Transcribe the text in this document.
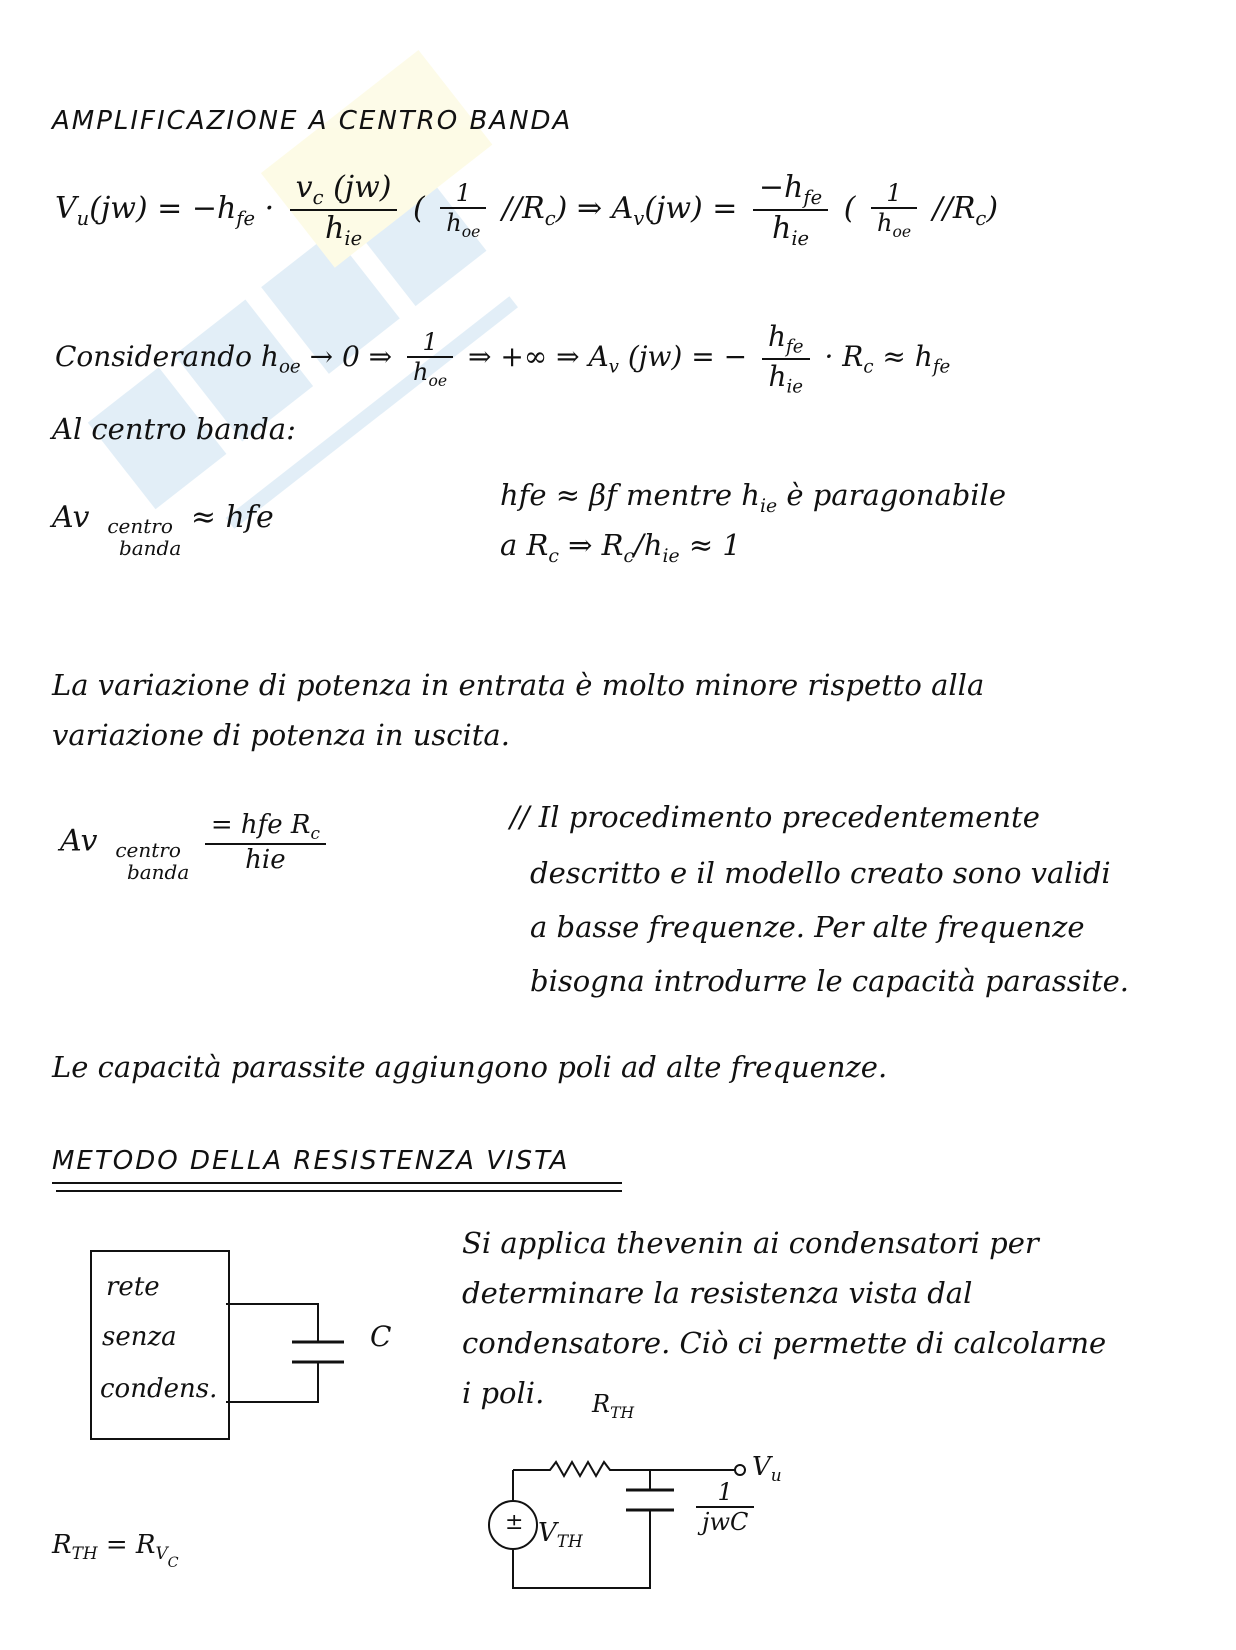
AMPLIFICAZIONE A CENTRO BANDA
$V_u(jw) = -h_{fe} \cdot \frac{v_c (jw)}{h_{ie}}$ ( $\frac{1}{h_{oe}} //R_c$) ⇒ $A_v(jw) = \frac{-h_{fe}}{h_{ie}}$ ( $\frac{1}{h_{oe}} //R_c$)
Considerando $h_{oe} \to 0$ ⇒ $\frac{1}{h_{oe}}$ ⇒ +∞ ⇒ $A_v$ (jw) = − $\frac{h_{fe}}{h_{ie}} \cdot R_c \approx h_{fe}$
Al centro banda:
Av centro
banda
≈ hfe
hfe ≈ βf mentre $h_{ie}$ è paragonabile
a $R_c$ ⇒ $R_c/h_{ie} \approx 1$
La variazione di potenza in entrata è molto minore rispetto alla
variazione di potenza in uscita.
Av centro
banda
$\frac{= hfe R_c}{\text{hie}}$	// Il procedimento precedentemente
descritto e il modello creato sono validi
a basse frequenze. Per alte frequenze
bisogna introdurre le capacità parassite.
Le capacità parassite aggiungono poli ad alte frequenze.
METODO DELLA RESISTENZA VISTA
rete
senza
condens.
C
Si applica thevenin ai condensatori per
determinare la resistenza vista dal
condensatore. Ciò ci permette di calcolarne
i poli. $R_{TH}$
$V_u$
± $V_{TH}$
$\frac{1}{\text{jwC}}$
$R_{TH} = R_{VC}$
